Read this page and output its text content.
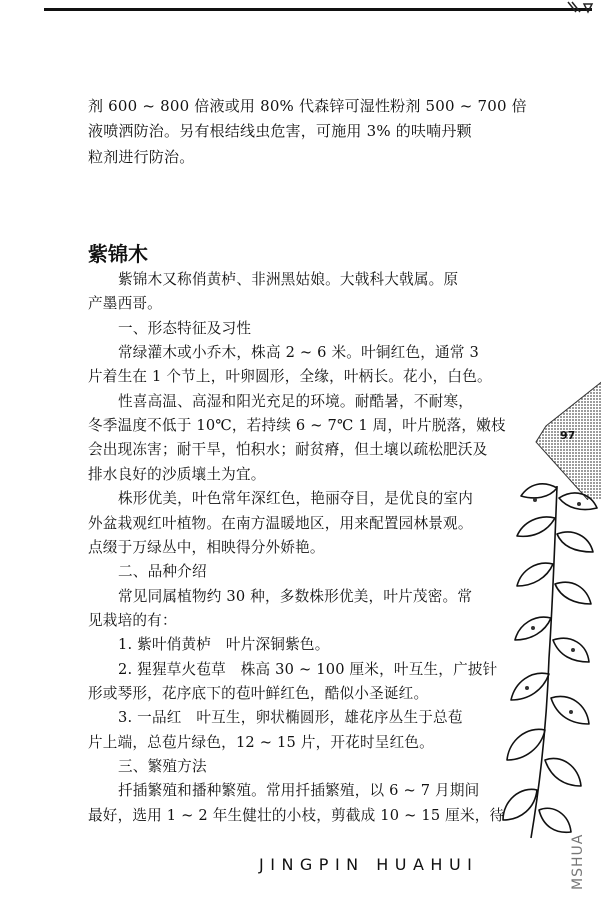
剂 600 ~ 800 倍液或用 80% 代森锌可湿性粉剂 500 ~ 700 倍
液喷洒防治。另有根结线虫危害，可施用 3% 的呋喃丹颗
粒剂进行防治。
紫锦木
紫锦木又称俏黄栌、非洲黑姑娘。大戟科大戟属。原
产墨西哥。
一、形态特征及习性
常绿灌木或小乔木，株高 2 ~ 6 米。叶铜红色，通常 3
片着生在 1 个节上，叶卵圆形，全缘，叶柄长。花小，白色。
性喜高温、高湿和阳光充足的环境。耐酷暑，不耐寒，
冬季温度不低于 10℃，若持续 6 ~ 7℃ 1 周，叶片脱落，嫩枝
会出现冻害；耐干旱，怕积水；耐贫瘠，但土壤以疏松肥沃及
排水良好的沙质壤土为宜。
株形优美，叶色常年深红色，艳丽夺目，是优良的室内
外盆栽观红叶植物。在南方温暖地区，用来配置园林景观。
点缀于万绿丛中，相映得分外娇艳。
二、品种介绍
常见同属植物约 30 种，多数株形优美，叶片茂密。常
见栽培的有：
1. 紫叶俏黄栌　叶片深铜紫色。
2. 猩猩草火苞草　株高 30 ~ 100 厘米，叶互生，广披针
形或琴形，花序底下的苞叶鲜红色，酷似小圣诞红。
3. 一品红　叶互生，卵状椭圆形，雄花序丛生于总苞
片上端，总苞片绿色，12 ~ 15 片，开花时呈红色。
三、繁殖方法
扦插繁殖和播种繁殖。常用扦插繁殖，以 6 ~ 7 月期间
最好，选用 1 ~ 2 年生健壮的小枝，剪截成 10 ~ 15 厘米，待
97
JINGPIN HUAHUI	MSHUA
